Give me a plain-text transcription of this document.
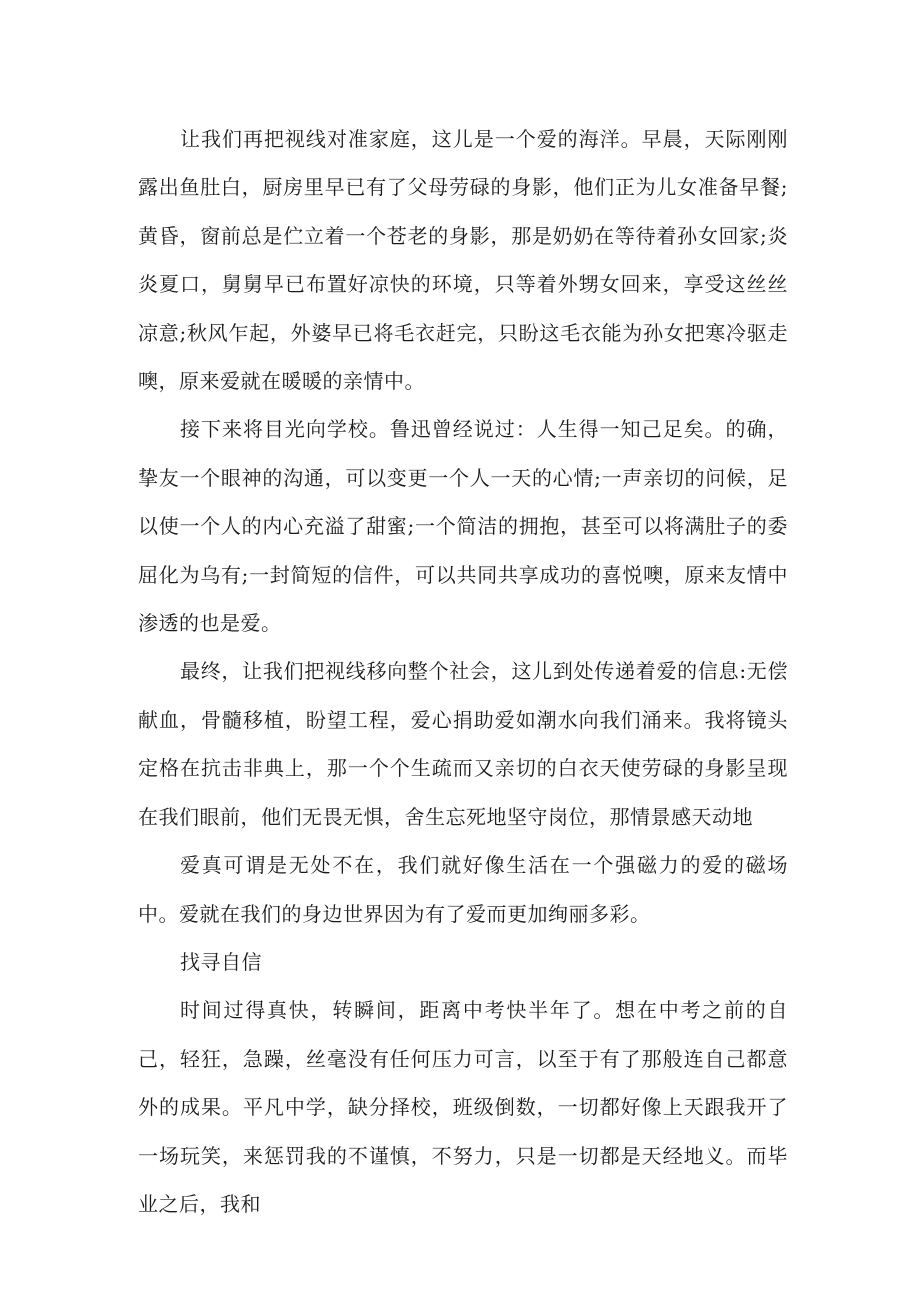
让我们再把视线对准家庭，这儿是一个爱的海洋。早晨，天际刚刚露出鱼肚白，厨房里早已有了父母劳碌的身影，他们正为儿女准备早餐;黄昏，窗前总是伫立着一个苍老的身影，那是奶奶在等待着孙女回家;炎炎夏口，舅舅早已布置好凉快的环境，只等着外甥女回来，享受这丝丝凉意;秋风乍起，外婆早已将毛衣赶完，只盼这毛衣能为孙女把寒冷驱走噢，原来爱就在暖暖的亲情中。

接下来将目光向学校。鲁迅曾经说过：人生得一知己足矣。的确，挚友一个眼神的沟通，可以变更一个人一天的心情;一声亲切的问候，足以使一个人的内心充溢了甜蜜;一个简洁的拥抱，甚至可以将满肚子的委屈化为乌有;一封简短的信件，可以共同共享成功的喜悦噢，原来友情中渗透的也是爱。

最终，让我们把视线移向整个社会，这儿到处传递着爱的信息:无偿献血，骨髓移植，盼望工程，爱心捐助爱如潮水向我们涌来。我将镜头定格在抗击非典上，那一个个生疏而又亲切的白衣天使劳碌的身影呈现在我们眼前，他们无畏无惧，舍生忘死地坚守岗位，那情景感天动地

爱真可谓是无处不在，我们就好像生活在一个强磁力的爱的磁场中。爱就在我们的身边世界因为有了爱而更加绚丽多彩。

找寻自信

时间过得真快，转瞬间，距离中考快半年了。想在中考之前的自己，轻狂，急躁，丝毫没有任何压力可言，以至于有了那般连自己都意外的成果。平凡中学，缺分择校，班级倒数，一切都好像上天跟我开了一场玩笑，来惩罚我的不谨慎，不努力，只是一切都是天经地义。而毕业之后，我和
